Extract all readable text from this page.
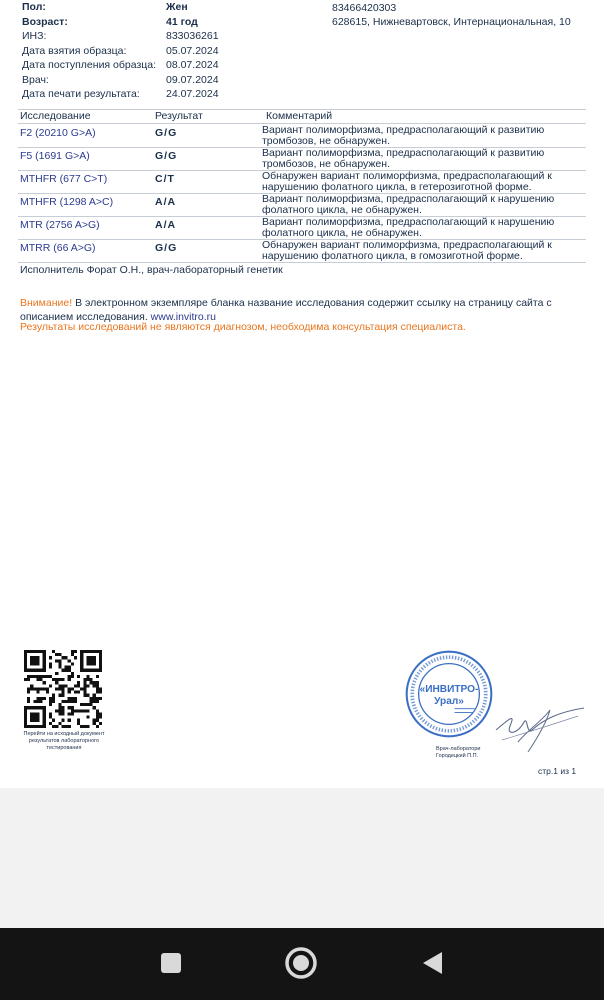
Пол:	Жен
Возраст:	41 год
ИНЗ:	833036261
Дата взятия образца:	05.07.2024
Дата поступления образца: 08.07.2024
Врач:	09.07.2024
Дата печати результата:	24.07.2024
83466420303
628615, Нижневартовск, Интернациональная, 10
Исследование	Результат	Комментарий
F2 (20210 G>A)	G/G	Вариант полиморфизма, предрасполагающий к развитию тромбозов, не обнаружен.
F5 (1691 G>A)	G/G	Вариант полиморфизма, предрасполагающий к развитию тромбозов, не обнаружен.
MTHFR (677 C>T)	C/T	Обнаружен вариант полиморфизма, предрасполагающий к нарушению фолатного цикла, в гетерозиготной форме.
MTHFR (1298 A>C)	A/A	Вариант полиморфизма, предрасполагающий к нарушению фолатного цикла, не обнаружен.
MTR (2756 A>G)	A/A	Вариант полиморфизма, предрасполагающий к нарушению фолатного цикла, не обнаружен.
MTRR (66 A>G)	G/G	Обнаружен вариант полиморфизма, предрасполагающий к нарушению фолатного цикла, в гомозиготной форме.
Исполнитель Форат О.Н., врач-лабораторный генетик
Внимание! В электронном экземпляре бланка название исследования содержит ссылку на страницу сайта с описанием исследования. www.invitro.ru
Результаты исследований не являются диагнозом, необходима консультация специалиста.
Перейти на исходный документ результатов лабораторного тестирования
«ИНВИТРО-
Урал»
Врач-лаборатори
Городецкий П.П.
стр.1 из 1
